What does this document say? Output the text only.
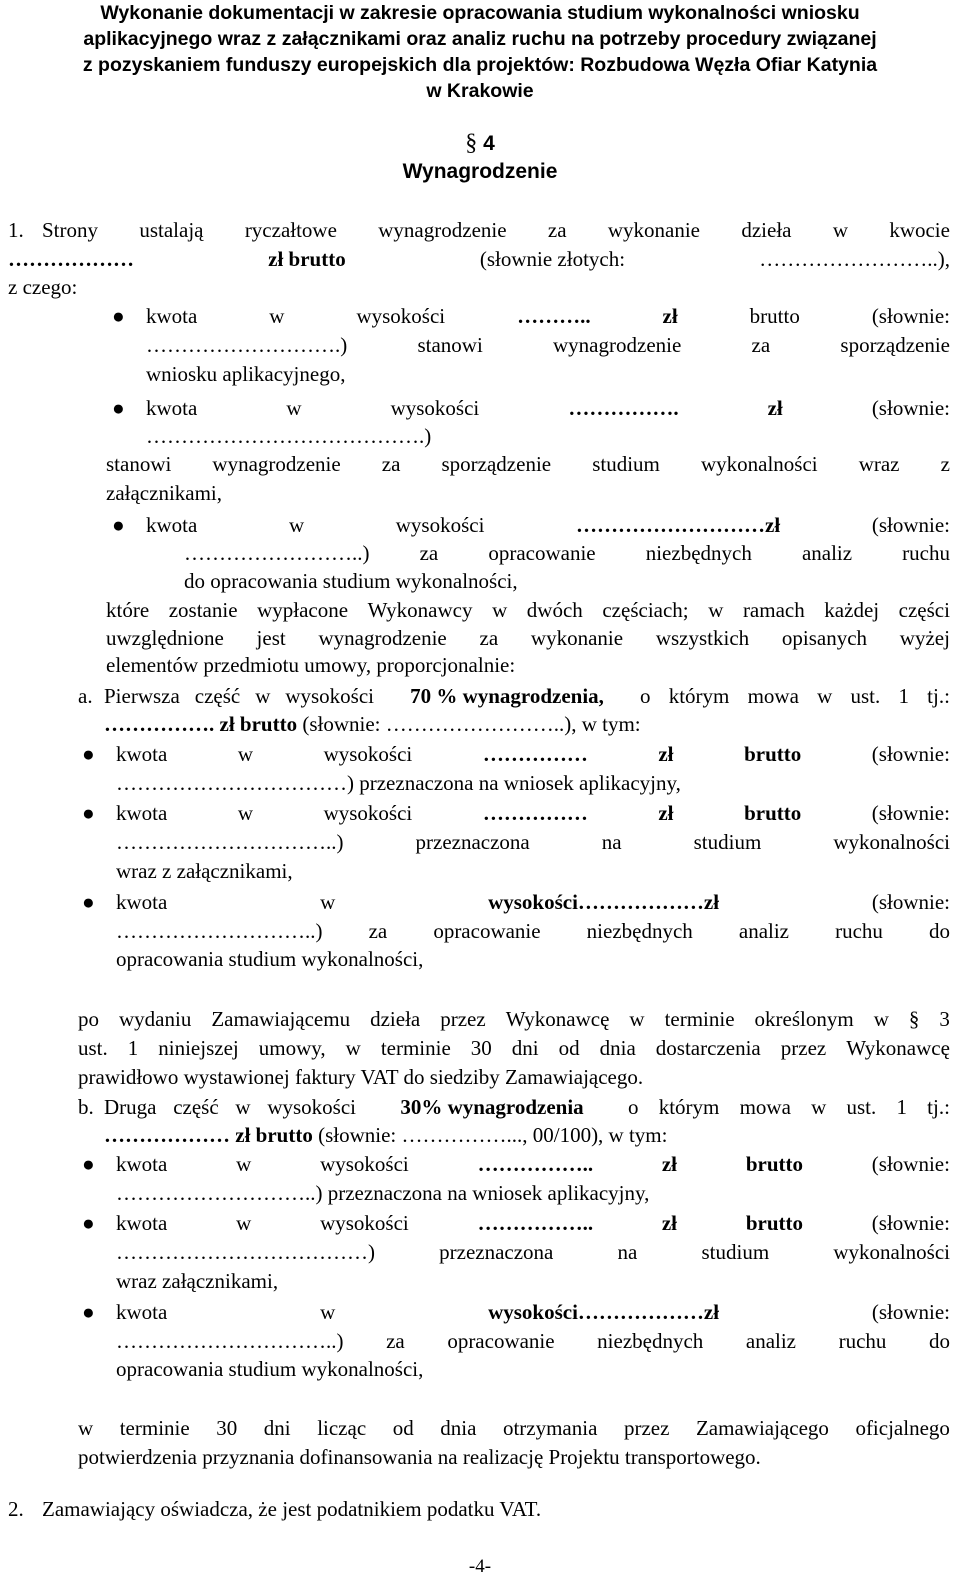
Wykonanie dokumentacji w zakresie opracowania studium wykonalności wniosku
aplikacyjnego wraz z załącznikami oraz analiz ruchu na potrzeby procedury związanej
z pozyskaniem funduszy europejskich dla projektów: Rozbudowa Węzła Ofiar Katynia
w Krakowie
§ 4
Wynagrodzenie
1. Strony ustalają ryczałtowe wynagrodzenie za wykonanie dzieła w kwocie
………………	zł brutto	(słownie złotych:	……………………..),
z czego:
● kwota	w	wysokości	………..	zł	brutto	(słownie:
……………………….)	stanowi	wynagrodzenie	za	sporządzenie
wniosku aplikacyjnego,
● kwota	w	wysokości	…………….	zł	(słownie:
………………………………….)
stanowi wynagrodzenie za sporządzenie studium wykonalności wraz z
załącznikami,
● kwota	w	wysokości	………………………zł	(słownie:
……………………..) za opracowanie niezbędnych analiz ruchu
do opracowania studium wykonalności,
które zostanie wypłacone Wykonawcy w dwóch częściach; w ramach każdej części
uwzględnione jest wynagrodzenie za wykonanie wszystkich opisanych wyżej
elementów przedmiotu umowy, proporcjonalnie:
a. Pierwsza część w wysokości 70 % wynagrodzenia, o którym mowa w ust. 1 tj.:
……………. zł brutto (słownie: ……………………..), w tym:
● kwota	w	wysokości	……………	zł	brutto	(słownie:
……………………………) przeznaczona na wniosek aplikacyjny,
● kwota	w	wysokości	……………	zł	brutto	(słownie:
…………………………..)	przeznaczona	na	studium	wykonalności
wraz z załącznikami,
● kwota	w	wysokości………………zł	(słownie:
………………………..) za opracowanie niezbędnych analiz ruchu do
opracowania studium wykonalności,
po wydaniu Zamawiającemu dzieła przez Wykonawcę w terminie określonym w § 3
ust. 1 niniejszej umowy, w terminie 30 dni od dnia dostarczenia przez Wykonawcę
prawidłowo wystawionej faktury VAT do siedziby Zamawiającego.
b. Druga część w wysokości 30% wynagrodzenia o którym mowa w ust. 1 tj.:
……………… zł brutto (słownie: ……………..., 00/100), w tym:
● kwota	w	wysokości	……………..	zł	brutto	(słownie:
………………………..) przeznaczona na wniosek aplikacyjny,
● kwota	w	wysokości	……………..	zł	brutto	(słownie:
………………………………)	przeznaczona	na	studium	wykonalności
wraz załącznikami,
● kwota	w	wysokości………………zł	(słownie:
…………………………..) za opracowanie niezbędnych analiz ruchu do
opracowania studium wykonalności,
w terminie 30 dni licząc od dnia otrzymania przez Zamawiającego oficjalnego
potwierdzenia przyznania dofinansowania na realizację Projektu transportowego.
2. Zamawiający oświadcza, że jest podatnikiem podatku VAT.
-4-
